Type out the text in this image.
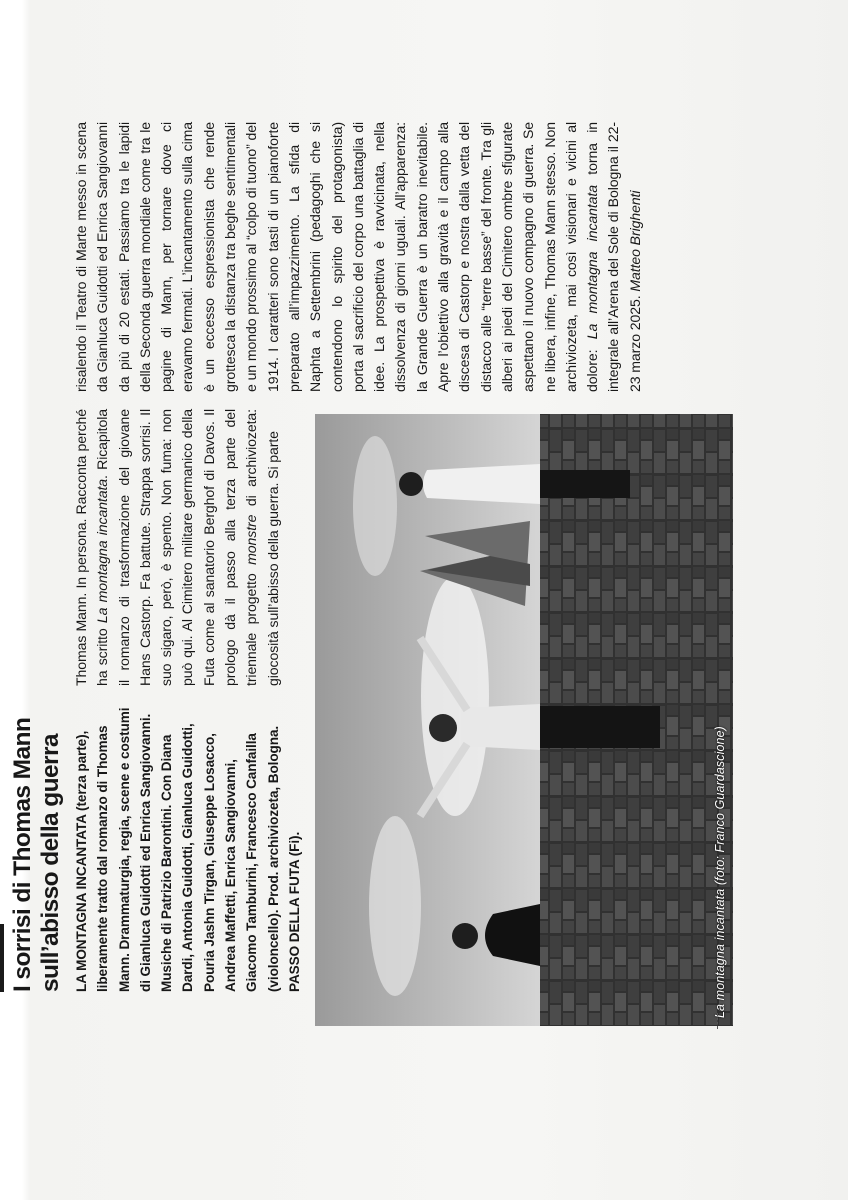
I sorrisi di Thomas Mann sull’abisso della guerra LA MONTAGNA INCANTATA (terza parte), liberamente tratto dal romanzo di Thomas Mann. Drammaturgia, regia, scene e costumi di Gianluca Guidotti ed Enrica Sangiovanni. Musiche di Patrizio Barontini. Con Diana Dardi, Antonia Guidotti, Gianluca Guidotti, Pouria Jashn Tirgan, Giuseppe Losacco, Andrea Maffetti, Enrica Sangiovanni, Giacomo Tamburini, Francesco Canfailla (violoncello). Prod. archiviozeta, Bologna. PASSO DELLA FUTA (Fi).

Thomas Mann. In persona. Racconta perché ha scritto La montagna incantata. Ricapitola il romanzo di trasformazione del giovane Hans Castorp. Fa battute. Strappa sorrisi. Il suo sigaro, però, è spento. Non fuma: non può qui. Al Cimitero militare germanico della Futa come al sanatorio Berghof di Davos. Il prologo dà il passo alla terza parte del triennale progetto monstre di archiviozeta: giocosità sull’abisso della guerra. Si parte

risalendo il Teatro di Marte messo in scena da Gianluca Guidotti ed Enrica Sangiovanni da più di 20 estati. Passiamo tra le lapidi della Seconda guerra mondiale come tra le pagine di Mann, per tornare dove ci eravamo fermati. L’incantamento sulla cima è un eccesso espressionista che rende grottesca la distanza tra beghe sentimentali e un mondo prossimo al “colpo di tuono” del 1914. I caratteri sono tasti di un pianoforte preparato all’impazzimento. La sfida di Naphta a Settembrini (pedagoghi che si contendono lo spirito del protagonista) porta al sacrificio del corpo una battaglia di idee. La prospettiva è ravvicinata, nella dissolvenza di giorni uguali. All’apparenza: la Grande Guerra è un baratro inevitabile. Apre l’obiettivo alla gravità e il campo alla discesa di Castorp e nostra dalla vetta del distacco alle “terre basse” del fronte. Tra gli alberi ai piedi del Cimitero ombre sfigurate aspettano il nuovo compagno di guerra. Se ne libera, infine, Thomas Mann stesso. Non archiviozeta, mai così visionari e vicini al dolore: La montagna incantata torna in integrale all’Arena del Sole di Bologna il 22-23 marzo 2025. Matteo Brighenti

La montagna incantata (foto: Franco Guardascione)
